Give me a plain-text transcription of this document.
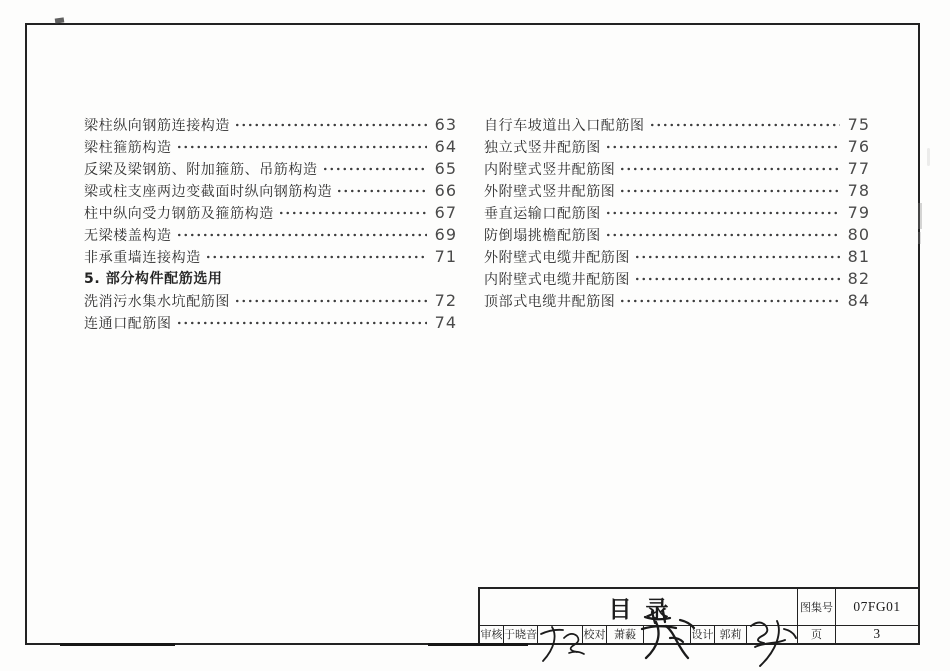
梁柱纵向钢筋连接构造	63
梁柱箍筋构造	64
反梁及梁钢筋、附加箍筋、吊筋构造	65
梁或柱支座两边变截面时纵向钢筋构造	66
柱中纵向受力钢筋及箍筋构造	67
无梁楼盖构造	69
非承重墙连接构造	71
5. 部分构件配筋选用
洗消污水集水坑配筋图	72
连通口配筋图	74
自行车坡道出入口配筋图	75
独立式竖井配筋图	76
内附壁式竖井配筋图	77
外附壁式竖井配筋图	78
垂直运输口配筋图	79
防倒塌挑檐配筋图	80
外附壁式电缆井配筋图	81
内附壁式电缆井配筋图	82
顶部式电缆井配筋图	84
目录	图集号	07FG01
审核 于晓音	校对 萧藙	设计 郭莉	页	3
